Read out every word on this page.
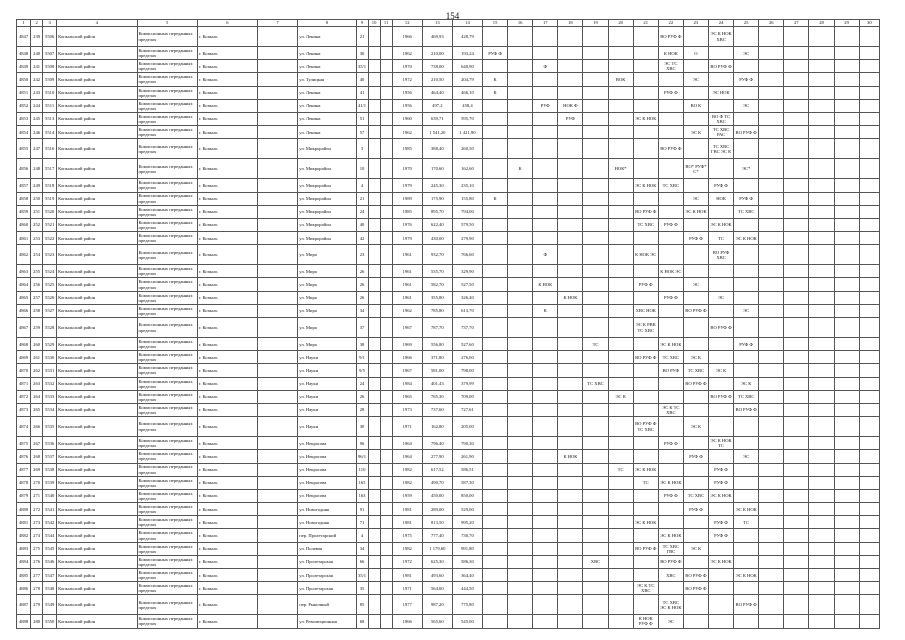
154
1	2	3	4	5	6	7	8	9	10	11	12	13	14	15	16	17	18	19	20	21	22	23	24	25	26	27	28	29	30
4847	239	5506	Копыльский район	Комиссионных переданных пределах	г. Копыль		ул. Ленина	21			1966	469,93	428,79								ВО РУФ Ф		ЭС К НОК ХВС						
4848	240	5507	Копыльский район	Комиссионных переданных пределах	г. Копыль		ул. Ленина	30			1962	210,00	193,24	РУФ Ф							К НОК	О		ЭС					
4849	241	5508	Копыльский район	Комиссионных переданных пределах	г. Копыль		ул. Ленина	35/1			1970	738,00	640,90			Ф					ЭС ТС ХВС		ВО РУФ Ф						
4850	242	5509	Копыльский район	Комиссионных переданных пределах	г. Копыль		ул. Тулицкая	40			1972	210,50	204,79	К					ВОК			ЭС		РУФ Ф					
4851	243	5510	Копыльский район	Комиссионных переданных пределах	г. Копыль		ул. Ленина	41			1956	464,40	466,10	К							РУФ Ф		ЭС НОК						
4852	244	5511	Копыльский район	Комиссионных переданных пределах	г. Копыль		ул. Ленина	41/1			1956	497,2	458,4			РУФ	НОК Ф					ВО К		ЭС					
4853	245	5513	Копыльский район	Комиссионных переданных пределах	г. Копыль		ул. Ленина	51			1960	639,71	595,70				РУФ			ЭС К НОК			ВО Ф ТС ХВС						
4854	246	5514	Копыльский район	Комиссионных переданных пределах	г. Копыль		ул. Ленина	57			1962	1 541,20	1 421,90									ЭС К	ТС ХВС РАС	ВО РУФ Ф					
4855	247	5516	Копыльский район	Комиссионных переданных пределах	г. Копыль		ул. Микрорайон	3			1985	388,40	260,50								ВО РУФ Ф		ТС ХВС ГВС ЭС К						
4856	248	5517	Копыльский район	Комиссионных переданных пределах	г. Копыль		ул. Микрорайон	10			1970	170,60	162,60		К				НОК*			ВО* РУФ* С*		ЭС*					
4857	249	5518	Копыльский район	Комиссионных переданных пределах	г. Копыль		ул. Микрорайон	4			1979	245,30	235,10							ЭС К НОК	ТС ХВС		РУФ Ф						
4858	250	5519	Копыльский район	Комиссионных переданных пределах	г. Копыль		ул. Микрорайон	21			1989	175,90	155,80	К								ЭС	НОК	РУФ Ф					
4859	251	5520	Копыльский район	Комиссионных переданных пределах	г. Копыль		ул. Микрорайон	24			1985	895,70	794,00							ВО РУФ Ф		ЭС К НОК		ТС ХВС					
4860	252	5521	Копыльский район	Комиссионных переданных пределах	г. Копыль		ул. Микрорайон	40			1976	622,40	579,50							ТС ХВС	РУФ Ф		ЭС К НОК						
4861	253	5522	Копыльский район	Комиссионных переданных пределах	г. Копыль		ул. Микрорайон	42			1979	430,00	279,90									РУФ Ф	ТС	ЭС К НОК					
4862	254	5523	Копыльский район	Комиссионных переданных пределах	г. Копыль		ул. Мира	23			1961	932,70	766,60			Ф				К НОК ЭС			ВО РУФ ХВС						
4863	255	5524	Копыльский район	Комиссионных переданных пределах	г. Копыль		ул. Мира	26			1961	535,70	329,90								К НОК ЭС								
4864	256	5525	Копыльский район	Комиссионных переданных пределах	г. Копыль		ул. Мира	26			1961	582,70	527,50			К НОК				РУФ Ф		ЭС							
4865	257	5526	Копыльский район	Комиссионных переданных пределах	г. Копыль		ул. Мира	26			1961	355,80	326,40				К НОК				РУФ Ф		ЭС						
4866	258	5527	Копыльский район	Комиссионных переданных пределах	г. Копыль		ул. Мира	34			1962	785,80	613,70			К				ХВС НОК		ВО РУФ Ф		ЭС					
4867	259	5528	Копыльский район	Комиссионных переданных пределах	г. Копыль		ул. Мира	37			1967	787,70	737,70							ЭС К РВК ТС ХВС			ВО РУФ Ф						
4868	260	5529	Копыльский район	Комиссионных переданных пределах	г. Копыль		ул. Мира	38			1969	556,80	527,60					ТС			ЭС К НОК			РУФ Ф					
4869	261	5530	Копыльский район	Комиссионных переданных пределах	г. Копыль		ул. Науки	9/1			1966	371,80	276,00							ВО РУФ Ф	ТС ХВС	ЭС К							
4870	262	5531	Копыльский район	Комиссионных переданных пределах	г. Копыль		ул. Науки	9/5			1967	581,00	798,00								ВО РУФ	ТС ХВС	ЭС К						
4871	263	5532	Копыльский район	Комиссионных переданных пределах	г. Копыль		ул. Науки	24			1984	401,43	379,99					ТС ХВС				ВО РУФ Ф		ЭС К					
4872	264	5533	Копыльский район	Комиссионных переданных пределах	г. Копыль		ул. Науки	26			1965	765,30	709,00						ЭС К				ВО РУФ Ф	ТС ХВС					
4873	265	5534	Копыльский район	Комиссионных переданных пределах	г. Копыль		ул. Науки	28			1973	737,60	727,61								ЭС К ТС ХВС			ВО РУФ Ф					
4874	266	5535	Копыльский район	Комиссионных переданных пределах	г. Копыль		ул. Науки	30			1971	162,80	205,00							ВО РУФ Ф ТС ХВС		ЭС К							
4875	267	5536	Копыльский район	Комиссионных переданных пределах	г. Копыль		ул. Некрасова	96			1964	796,40	790,30								РУФ Ф		ЭС К НОК ТС						
4876	268	5537	Копыльский район	Комиссионных переданных пределах	г. Копыль		ул. Некрасова	96/1			1964	277,90	261,90				К НОК					РУФ Ф		ЭС					
4877	269	5538	Копыльский район	Комиссионных переданных пределах	г. Копыль		ул. Некрасова	110			1982	617,52	586,51						ТС	ЭС К НОК			РУФ Ф						
4878	270	5539	Копыльский район	Комиссионных переданных пределах	г. Копыль		ул. Некрасова	165			1982	490,70	587,30							ТС	ЭС К НОК		РУФ Ф						
4879	271	5540	Копыльский район	Комиссионных переданных пределах	г. Копыль		ул. Некрасова	163			1959	450,00	850,00								РУФ Ф	ТС ХВС	ЭС К НОК						
4880	272	5541	Копыльский район	Комиссионных переданных пределах	г. Копыль		ул. Новогодняя	91			1981	289,00	529,00									РУФ Ф		ЭС К НОК					
4881	273	5542	Копыльский район	Комиссионных переданных пределах	г. Копыль		ул. Новогодняя	71			1981	813,50	995,20							ЭС К НОК			РУФ Ф	ТС					
4882	274	5544	Копыльский район	Комиссионных переданных пределах	г. Копыль		пер. Пролетарский	4			1975	777,40	730,70								ЭС К НОК		РУФ Ф						
4883	275	5545	Копыльский район	Комиссионных переданных пределах	г. Копыль		ул. Полевая	34			1982	1 179,60	991,80							ВО РУФ Ф	ТС ХВС ГВС	ЭС К							
4884	276	5546	Копыльский район	Комиссионных переданных пределах	г. Копыль		ул. Пролетарская	66			1972	625,30	586,30					ХВС			ВО РУФ Ф		ЭС К НОК						
4885	277	5547	Копыльский район	Комиссионных переданных пределах	г. Копыль		ул. Пролетарская	35/1			1981	493,60	364,40								ХВС	ВО РУФ Ф		ЭС К НОК					
4886	278	5548	Копыльский район	Комиссионных переданных пределах	г. Копыль		ул. Пролетарская	35			1971	564,60	444,50							ЭС К ТС ХВС		ВО РУФ Ф							
4887	279	5549	Копыльский район	Комиссионных переданных пределах	г. Копыль		пер. Рыночный	85			1977	987,20	775,80								ТС ХВС ЭС К НОК			ВО РУФ Ф					
4888	280	5550	Копыльский район	Комиссионных переданных пределах	г. Копыль		ул. Революционная	68			1966	565,60	545,00							К НОК РУФ Ф	ЭС								
